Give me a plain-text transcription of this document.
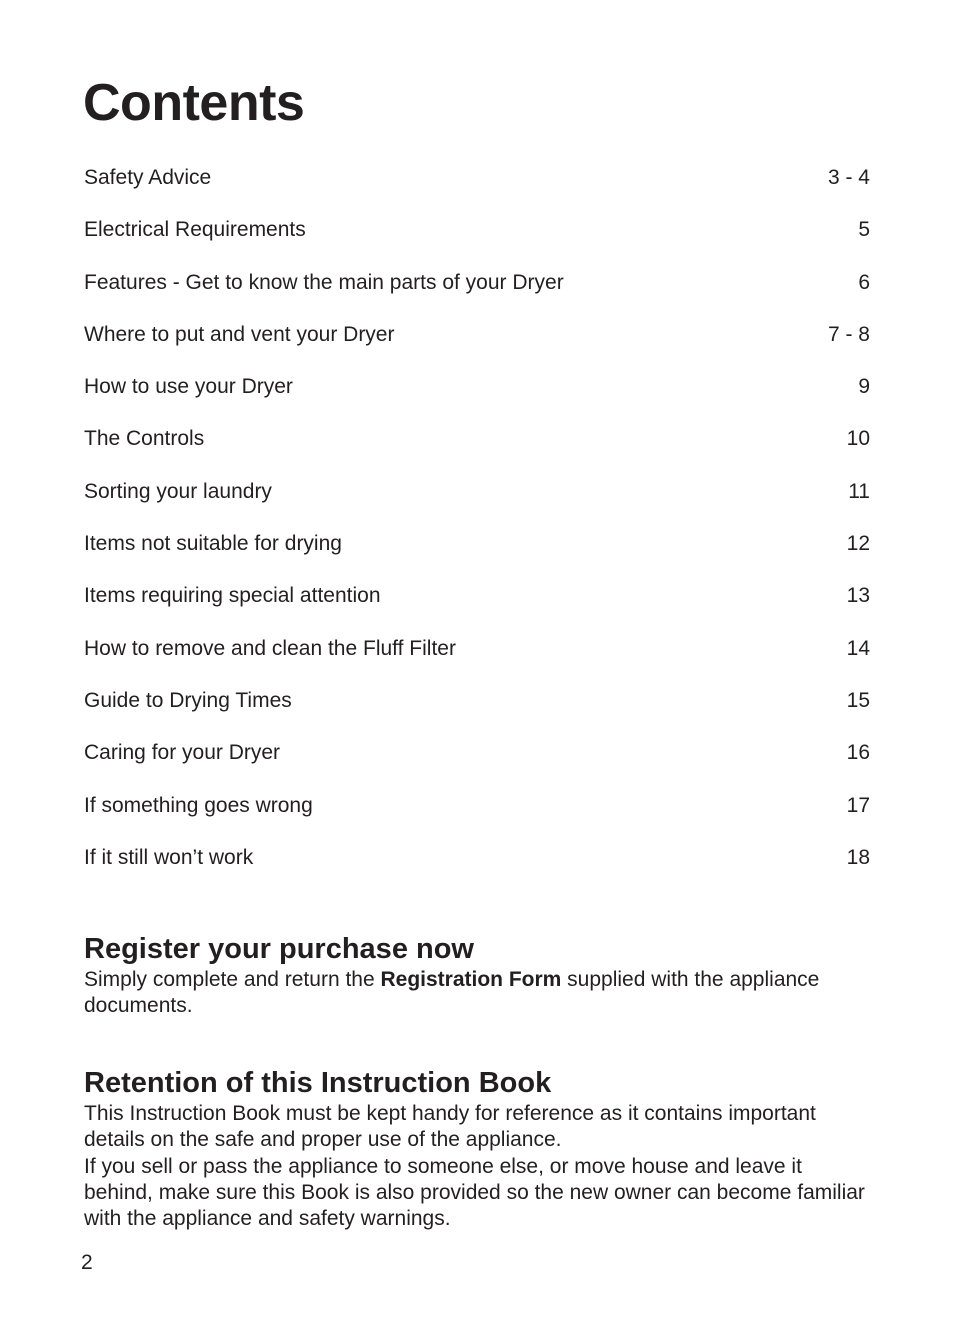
Contents
Safety Advice	3 - 4
Electrical Requirements	5
Features - Get to know the main parts of your Dryer	6
Where to put and vent your Dryer	7 - 8
How to use your Dryer	9
The Controls	10
Sorting your laundry	11
Items not suitable for drying	12
Items requiring special attention	13
How to remove and clean the Fluff Filter	14
Guide to Drying Times	15
Caring for your Dryer	16
If something goes wrong	17
If it still won’t work	18
Register your purchase now

Simply complete and return the Registration Form supplied with the appliance documents.

Retention of this Instruction Book

This Instruction Book must be kept handy for reference as it contains important details on the safe and proper use of the appliance.

If you sell or pass the appliance to someone else, or move house and leave it behind, make sure this Book is also provided so the new owner can become familiar with the appliance and safety warnings.

2
